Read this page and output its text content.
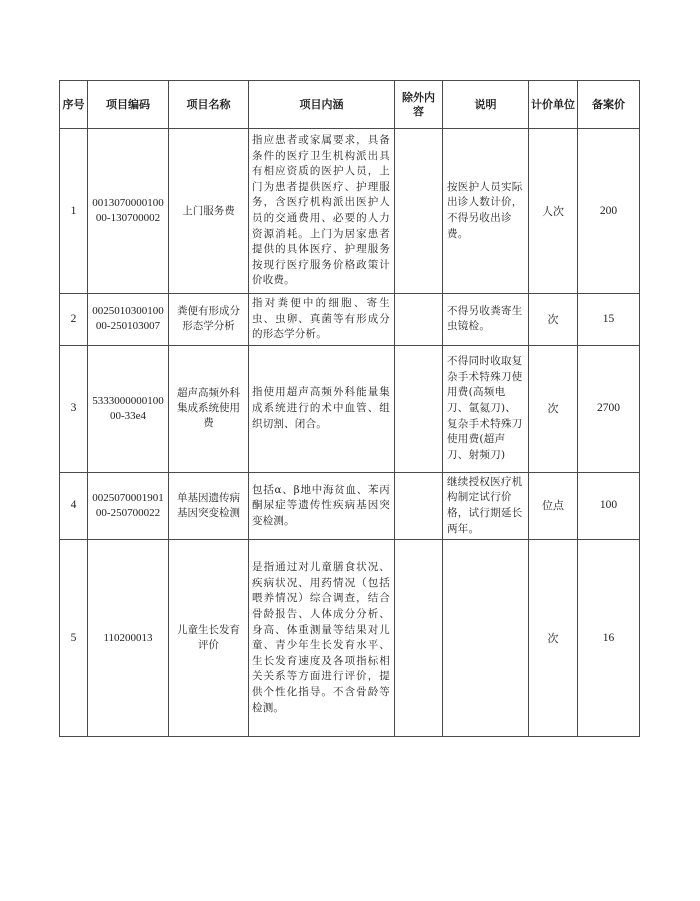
序号	项目编码	项目名称	项目内涵	除外内容	说明	计价单位	备案价
1	001307000010000-130700002	上门服务费	指应患者或家属要求，具备条件的医疗卫生机构派出具有相应资质的医护人员，上门为患者提供医疗、护理服务，含医疗机构派出医护人员的交通费用、必要的人力资源消耗。上门为居家患者提供的具体医疗、护理服务按现行医疗服务价格政策计价收费。		按医护人员实际出诊人数计价，不得另收出诊费。	人次	200
2	002501030010000-250103007	粪便有形成分形态学分析	指对粪便中的细胞、寄生虫、虫卵、真菌等有形成分的形态学分析。		不得另收粪寄生虫镜检。	次	15
3	533300000010000-33e4	超声高频外科集成系统使用费	指使用超声高频外科能量集成系统进行的术中血管、组织切割、闭合。		不得同时收取复杂手术特殊刀使用费(高频电刀、氩氦刀)、复杂手术特殊刀使用费(超声刀、射频刀)	次	2700
4	002507000190100-250700022	单基因遗传病基因突变检测	包括α、β地中海贫血、苯丙酮尿症等遗传性疾病基因突变检测。		继续授权医疗机构制定试行价格，试行期延长两年。	位点	100
5	110200013	儿童生长发育评价	是指通过对儿童膳食状况、疾病状况、用药情况（包括喂养情况）综合调查，结合骨龄报告、人体成分分析、身高、体重测量等结果对儿童、青少年生长发育水平、生长发育速度及各项指标相关关系等方面进行评价，提供个性化指导。不含骨龄等检测。			次	16
